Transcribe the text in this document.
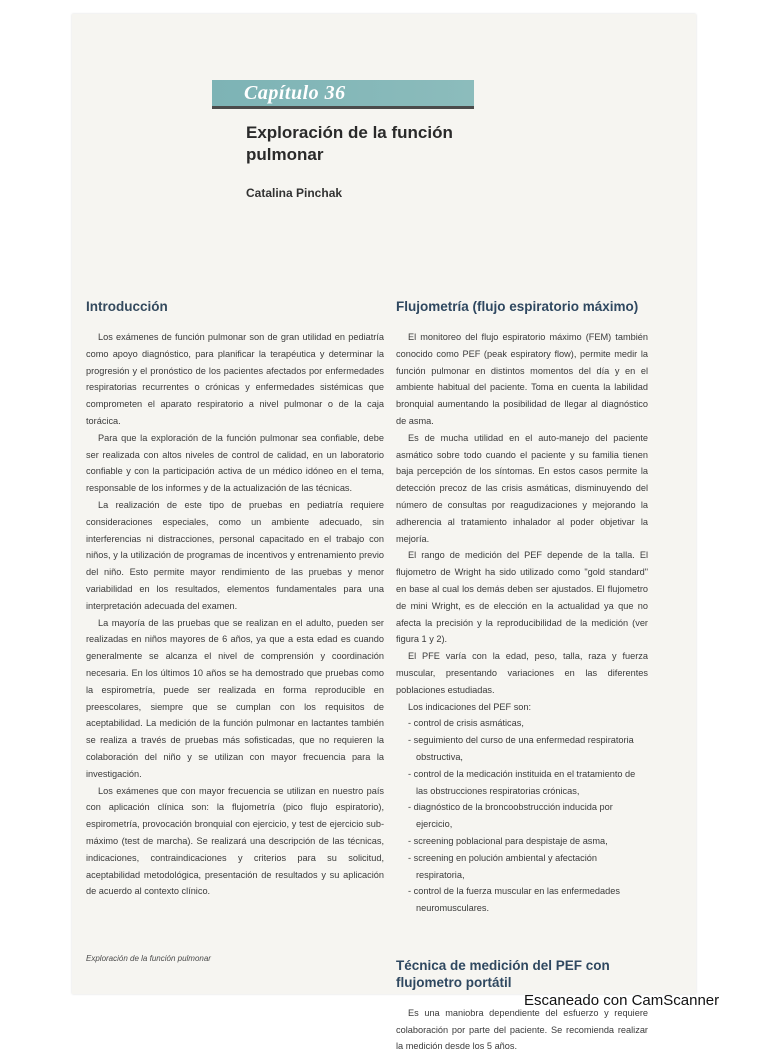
Capítulo 36
Exploración de la función pulmonar
Catalina Pinchak
Introducción

Los exámenes de función pulmonar son de gran utilidad en pediatría como apoyo diagnóstico, para planificar la terapéutica y determinar la progresión y el pronóstico de los pacientes afectados por enfermedades respiratorias recurrentes o crónicas y enfermedades sistémicas que comprometen el aparato respiratorio a nivel pulmonar o de la caja torácica.

Para que la exploración de la función pulmonar sea confiable, debe ser realizada con altos niveles de control de calidad, en un laboratorio confiable y con la participación activa de un médico idóneo en el tema, responsable de los informes y de la actualización de las técnicas.

La realización de este tipo de pruebas en pediatría requiere consideraciones especiales, como un ambiente adecuado, sin interferencias ni distracciones, personal capacitado en el trabajo con niños, y la utilización de programas de incentivos y entrenamiento previo del niño. Esto permite mayor rendimiento de las pruebas y menor variabilidad en los resultados, elementos fundamentales para una interpretación adecuada del examen.

La mayoría de las pruebas que se realizan en el adulto, pueden ser realizadas en niños mayores de 6 años, ya que a esta edad es cuando generalmente se alcanza el nivel de comprensión y coordinación necesaria. En los últimos 10 años se ha demostrado que pruebas como la espirometría, puede ser realizada en forma reproducible en preescolares, siempre que se cumplan con los requisitos de aceptabilidad. La medición de la función pulmonar en lactantes también se realiza a través de pruebas más sofisticadas, que no requieren la colaboración del niño y se utilizan con mayor frecuencia para la investigación.

Los exámenes que con mayor frecuencia se utilizan en nuestro país con aplicación clínica son: la flujometría (pico flujo espiratorio), espirometría, provocación bronquial con ejercicio, y test de ejercicio sub-máximo (test de marcha). Se realizará una descripción de las técnicas, indicaciones, contraindicaciones y criterios para su solicitud, aceptabilidad metodológica, presentación de resultados y su aplicación de acuerdo al contexto clínico.

Flujometría (flujo espiratorio máximo)

El monitoreo del flujo espiratorio máximo (FEM) también conocido como PEF (peak espiratory flow), permite medir la función pulmonar en distintos momentos del día y en el ambiente habitual del paciente. Toma en cuenta la labilidad bronquial aumentando la posibilidad de llegar al diagnóstico de asma.

Es de mucha utilidad en el auto-manejo del paciente asmático sobre todo cuando el paciente y su familia tienen baja percepción de los síntomas. En estos casos permite la detección precoz de las crisis asmáticas, disminuyendo del número de consultas por reagudizaciones y mejorando la adherencia al tratamiento inhalador al poder objetivar la mejoría.

El rango de medición del PEF depende de la talla. El flujometro de Wright ha sido utilizado como "gold standard" en base al cual los demás deben ser ajustados. El flujometro de mini Wright, es de elección en la actualidad ya que no afecta la precisión y la reproducibilidad de la medición (ver figura 1 y 2).

El PFE varía con la edad, peso, talla, raza y fuerza muscular, presentando variaciones en las diferentes poblaciones estudiadas.

Los indicaciones del PEF son:

- control de crisis asmáticas,
- seguimiento del curso de una enfermedad respiratoria obstructiva,
- control de la medicación instituida en el tratamiento de las obstrucciones respiratorias crónicas,
- diagnóstico de la broncoobstrucción inducida por ejercicio,
- screening poblacional para despistaje de asma,
- screening en polución ambiental y afectación respiratoria,
- control de la fuerza muscular en las enfermedades neuromusculares.
Técnica de medición del PEF con flujometro portátil

Es una maniobra dependiente del esfuerzo y requiere colaboración por parte del paciente. Se recomienda realizar la medición desde los 5 años.

Exploración de la función pulmonar
Escaneado con CamScanner
